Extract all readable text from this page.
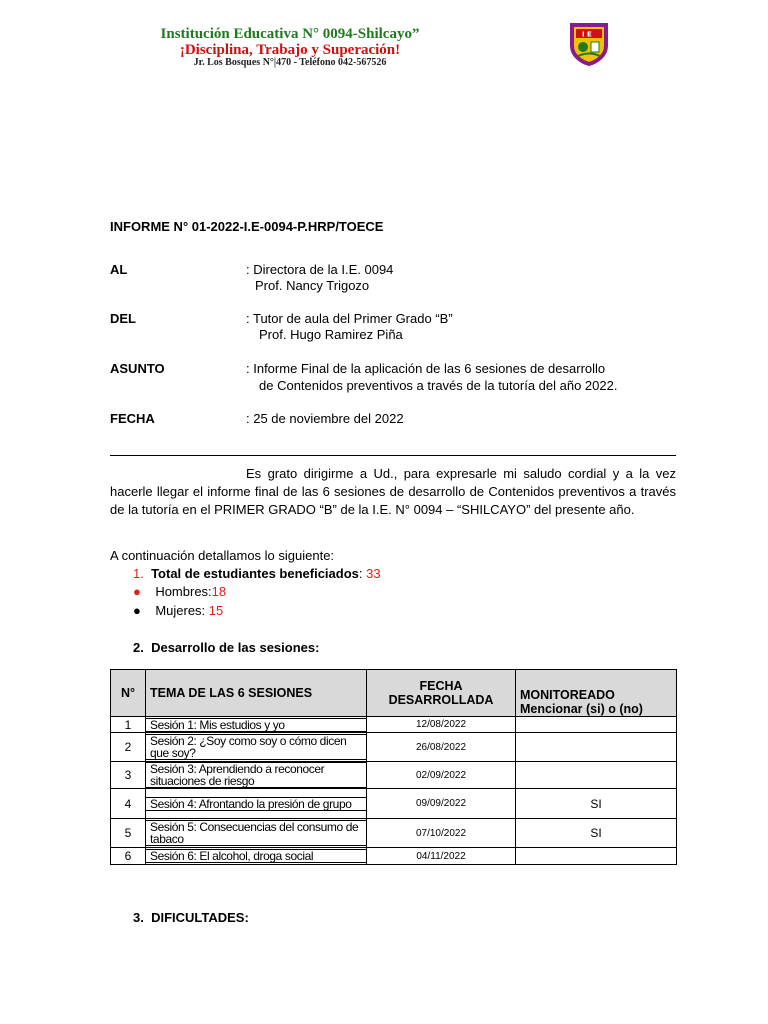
Institución Educativa N° 0094-Shilcayo”
¡Disciplina, Trabajo y Superación!
Jr. Los Bosques N°|470 - Teléfono 042-567526
I E
INFORME N° 01-2022-I.E-0094-P.HRP/TOECE
AL	: Directora de la I.E. 0094
Prof. Nancy Trigozo
DEL	: Tutor de aula del Primer Grado “B”
Prof. Hugo Ramirez Piña
ASUNTO	: Informe Final de la aplicación de las 6 sesiones de desarrollo
de Contenidos preventivos a través de la tutoría del año 2022.
FECHA	: 25 de noviembre del 2022
Es grato dirigirme a Ud., para expresarle mi saludo cordial y a la vez hacerle llegar el informe final de las 6 sesiones de desarrollo de Contenidos preventivos a través de la tutoría en el PRIMER GRADO “B” de la I.E. N° 0094 – “SHILCAYO” del presente año.
A continuación detallamos lo siguiente:
1. Total de estudiantes beneficiados: 33
● Hombres:18
● Mujeres: 15
2. Desarrollo de las sesiones:
N°	TEMA DE LAS 6 SESIONES	FECHA DESARROLLADA	MONITOREADO
Mencionar (si) o (no)

1	Sesión 1: Mis estudios y yo	12/08/2022	
2	Sesión 2: ¿Soy como soy o cómo dicen que soy?	26/08/2022	
3	Sesión 3: Aprendiendo a reconocer situaciones de riesgo	02/09/2022	
4	Sesión 4: Afrontando la presión de grupo	09/09/2022	SI
5	Sesión 5: Consecuencias del consumo de tabaco	07/10/2022	SI
6	Sesión 6: El alcohol, droga social	04/11/2022	
3. DIFICULTADES:
